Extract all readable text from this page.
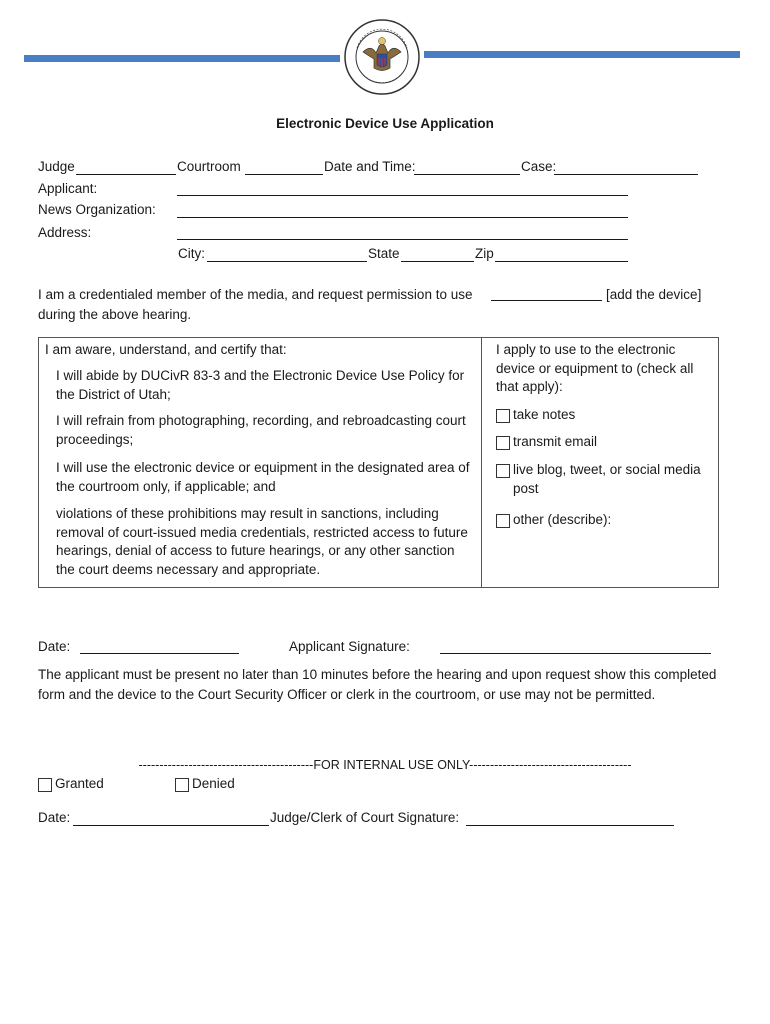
Electronic Device Use Application
Judge	Courtroom	Date and Time:	Case:
Applicant:
News Organization:
Address:
City:	State	Zip
I am a credentialed member of the media, and request permission to use	[add the device]
during the above hearing.
I am aware, understand, and certify that:
I will abide by DUCivR 83-3 and the Electronic Device Use Policy for the District of Utah;
I will refrain from photographing, recording, and rebroadcasting court proceedings;
I will use the electronic device or equipment in the designated area of the courtroom only, if applicable; and
violations of these prohibitions may result in sanctions, including removal of court-issued media credentials, restricted access to future hearings, denial of access to future hearings, or any other sanction the court deems necessary and appropriate.
I apply to use to the electronic device or equipment to (check all that apply):
take notes
transmit email
live blog, tweet, or social media post
other (describe):
Date:	Applicant Signature:
The applicant must be present no later than 10 minutes before the hearing and upon request show this completed form and the device to the Court Security Officer or clerk in the courtroom, or use may not be permitted.
------------------------------------------FOR INTERNAL USE ONLY---------------------------------------
Granted	Denied
Date:	Judge/Clerk of Court Signature:
